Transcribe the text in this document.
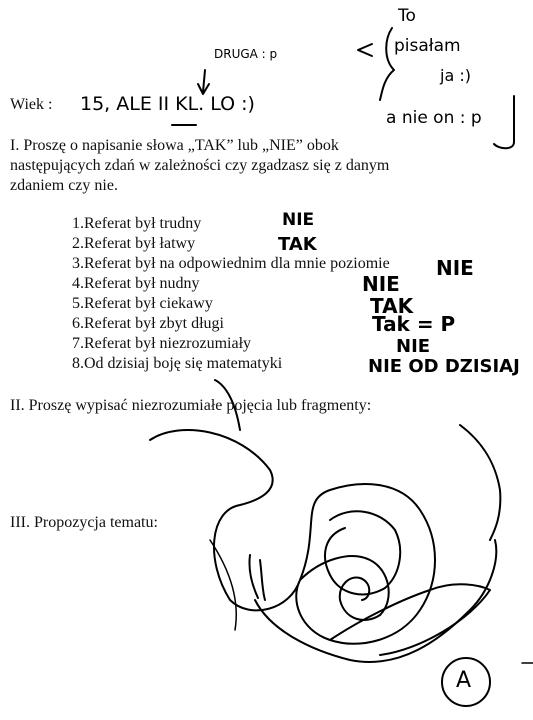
Wiek :
I. Proszę o napisanie słowa „TAK” lub „NIE” obok
następujących zdań w zależności czy zgadzasz się z danym
zdaniem czy nie.
1.Referat był trudny
2.Referat był łatwy
3.Referat był na odpowiednim dla mnie poziomie
4.Referat był nudny
5.Referat był ciekawy
6.Referat był zbyt długi
7.Referat był niezrozumiały
8.Od dzisiaj boję się matematyki
II. Proszę wypisać niezrozumiałe pojęcia lub fragmenty:
III. Propozycja tematu:
15, ALE II KL. LO :)
DRUGA : p
To
pisałam
ja :)
a nie on : p
NIE
TAK
NIE
NIE
TAK
Tak = P
NIE
NIE OD DZISIAJ
A
